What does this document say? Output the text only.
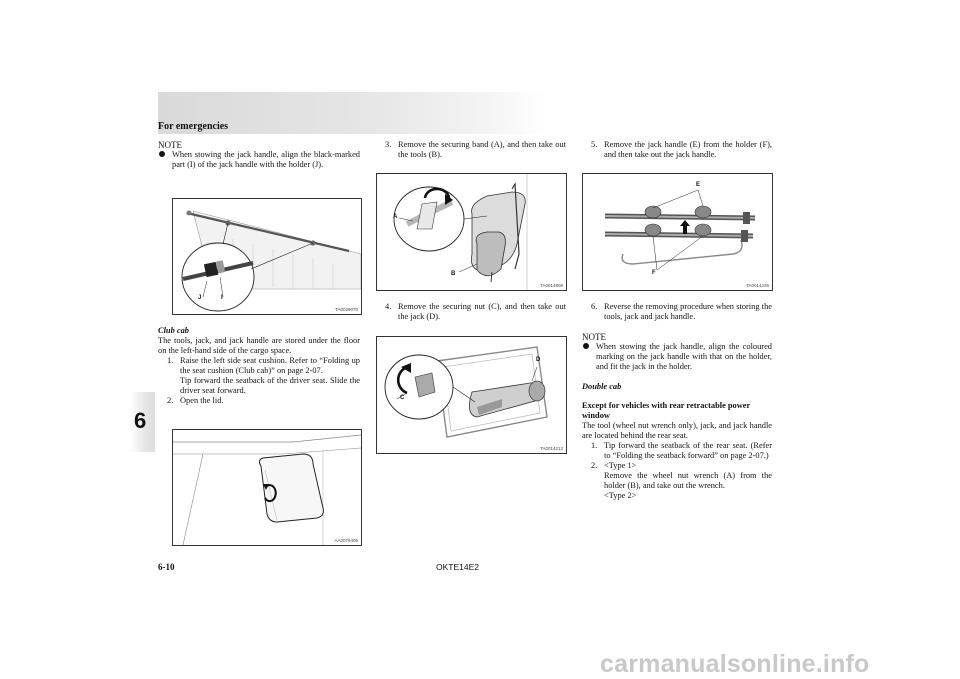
For emergencies
6

NOTE

When stowing the jack handle, align the black-marked part (I) of the jack handle with the holder (J).
J	I
TA0029070

Club cab

The tools, jack, and jack handle are stored under the floor on the left-hand side of the cargo space.

1. Raise the left side seat cushion. Refer to “Folding up the seat cushion (Club cab)” on page 2-07.
Tip forward the seatback of the driver seat. Slide the driver seat forward.
2. Open the lid.
AA0076405
3. Remove the securing band (A), and then take out the tools (B).
A
B
TA0014806
4. Remove the securing nut (C), and then take out the jack (D).
D
C
TA0014213
5. Remove the jack handle (E) from the holder (F), and then take out the jack handle.
E
F
TA0014226
6. Reverse the removing procedure when storing the tools, jack and jack handle.

NOTE

When stowing the jack handle, align the coloured marking on the jack handle with that on the holder, and fit the jack in the holder.

Double cab

Except for vehicles with rear retractable power window

The tool (wheel nut wrench only), jack, and jack handle are located behind the rear seat.

1. Tip forward the seatback of the rear seat. (Refer to “Folding the seatback forward” on page 2-07.)
2. <Type 1>
Remove the wheel nut wrench (A) from the holder (B), and take out the wrench.
<Type 2>
6-10	OKTE14E2
carmanualsonline.info
